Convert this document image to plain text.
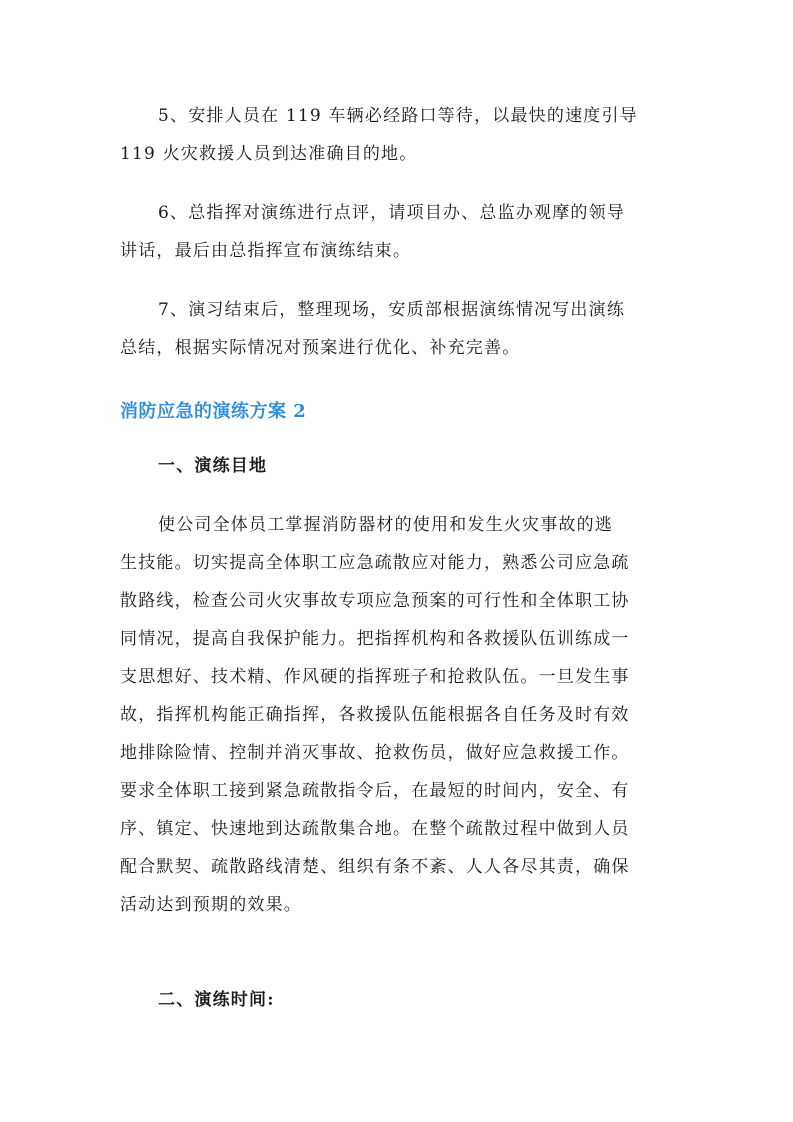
5、安排人员在 119 车辆必经路口等待，以最快的速度引导
119 火灾救援人员到达准确目的地。
6、总指挥对演练进行点评，请项目办、总监办观摩的领导
讲话，最后由总指挥宣布演练结束。
7、演习结束后，整理现场，安质部根据演练情况写出演练
总结，根据实际情况对预案进行优化、补充完善。
消防应急的演练方案 2
一、演练目地
使公司全体员工掌握消防器材的使用和发生火灾事故的逃
生技能。切实提高全体职工应急疏散应对能力，熟悉公司应急疏
散路线，检查公司火灾事故专项应急预案的可行性和全体职工协
同情况，提高自我保护能力。把指挥机构和各救援队伍训练成一
支思想好、技术精、作风硬的指挥班子和抢救队伍。一旦发生事
故，指挥机构能正确指挥，各救援队伍能根据各自任务及时有效
地排除险情、控制并消灭事故、抢救伤员，做好应急救援工作。
要求全体职工接到紧急疏散指令后，在最短的时间内，安全、有
序、镇定、快速地到达疏散集合地。在整个疏散过程中做到人员
配合默契、疏散路线清楚、组织有条不紊、人人各尽其责，确保
活动达到预期的效果。
二、演练时间:
